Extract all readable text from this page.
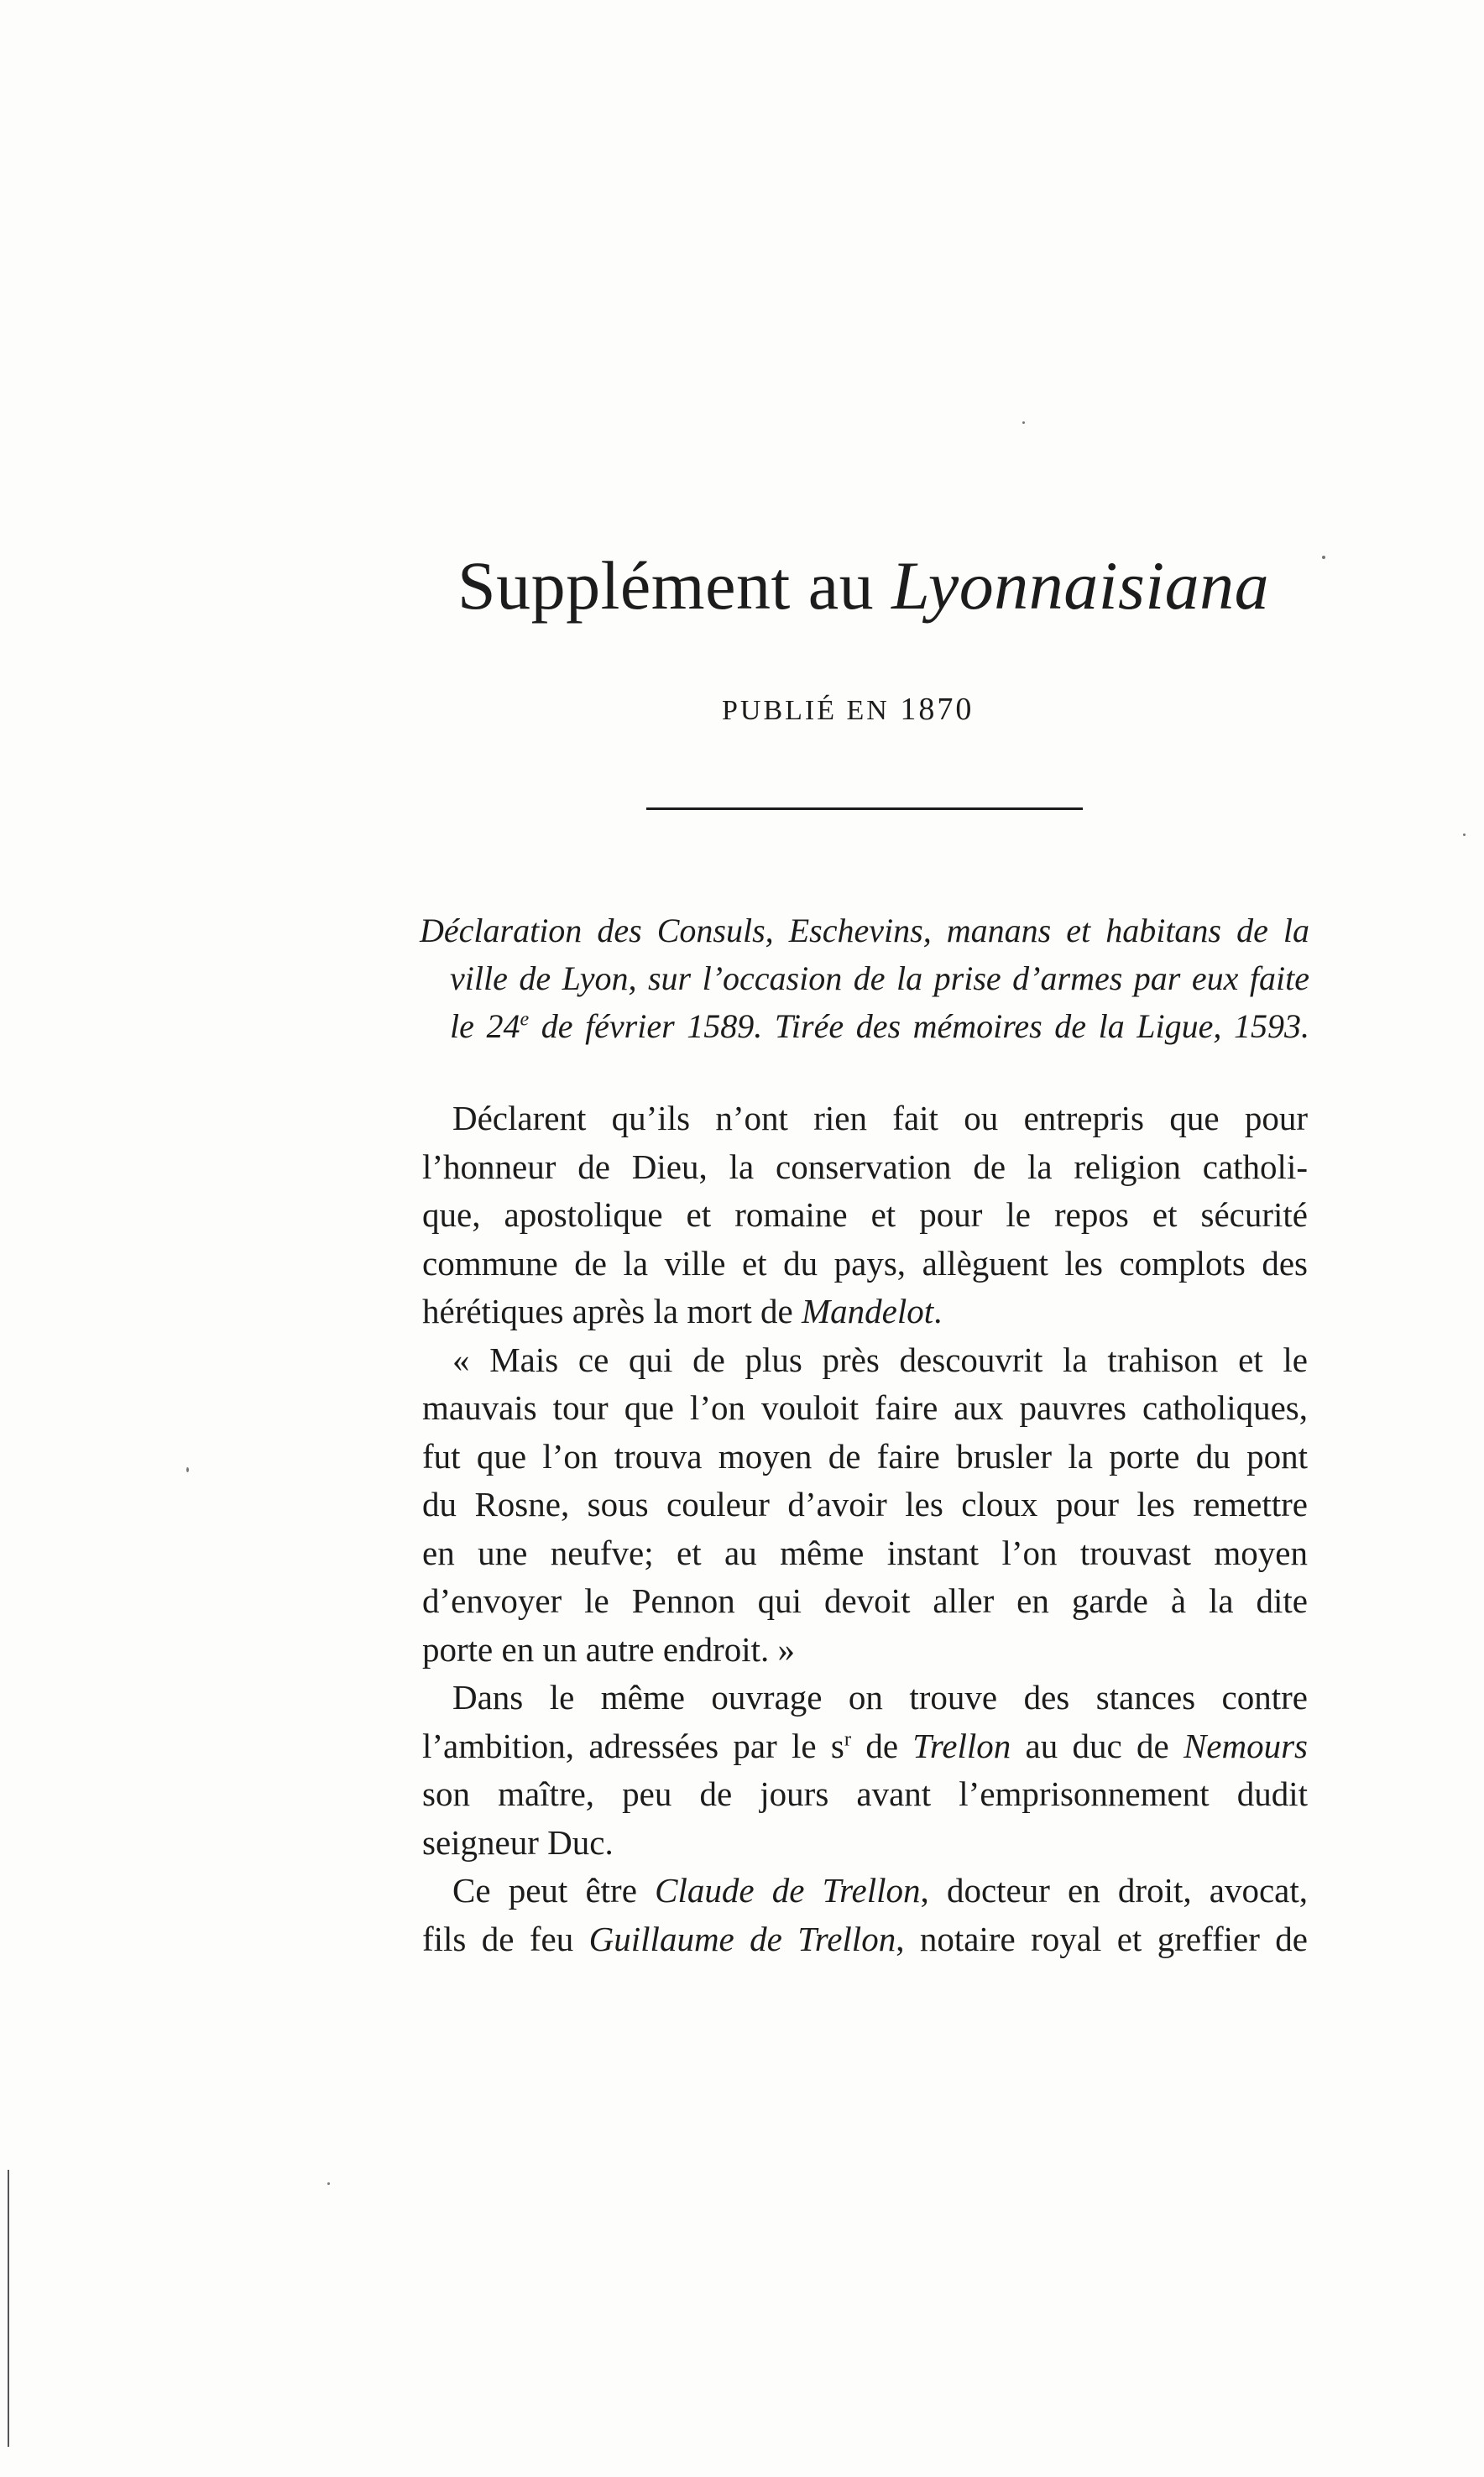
Supplément au Lyonnaisiana
PUBLIÉ EN 1870
Déclaration des Consuls, Eschevins, manans et habitans de la
ville de Lyon, sur l’occasion de la prise d’armes par eux faite
le 24e de février 1589. Tirée des mémoires de la Ligue, 1593.

Déclarent qu’ils n’ont rien fait ou entrepris que pour
l’honneur de Dieu, la conservation de la religion catholi-
que, apostolique et romaine et pour le repos et sécurité
commune de la ville et du pays, allèguent les complots des
hérétiques après la mort de Mandelot.

« Mais ce qui de plus près descouvrit la trahison et le
mauvais tour que l’on vouloit faire aux pauvres catholiques,
fut que l’on trouva moyen de faire brusler la porte du pont
du Rosne, sous couleur d’avoir les cloux pour les remettre
en une neufve; et au même instant l’on trouvast moyen
d’envoyer le Pennon qui devoit aller en garde à la dite
porte en un autre endroit. »

Dans le même ouvrage on trouve des stances contre
l’ambition, adressées par le $s^r$ de Trellon au duc de Nemours
son maître, peu de jours avant l’emprisonnement dudit
seigneur Duc.

Ce peut être Claude de Trellon, docteur en droit, avocat,
fils de feu Guillaume de Trellon, notaire royal et greffier de
